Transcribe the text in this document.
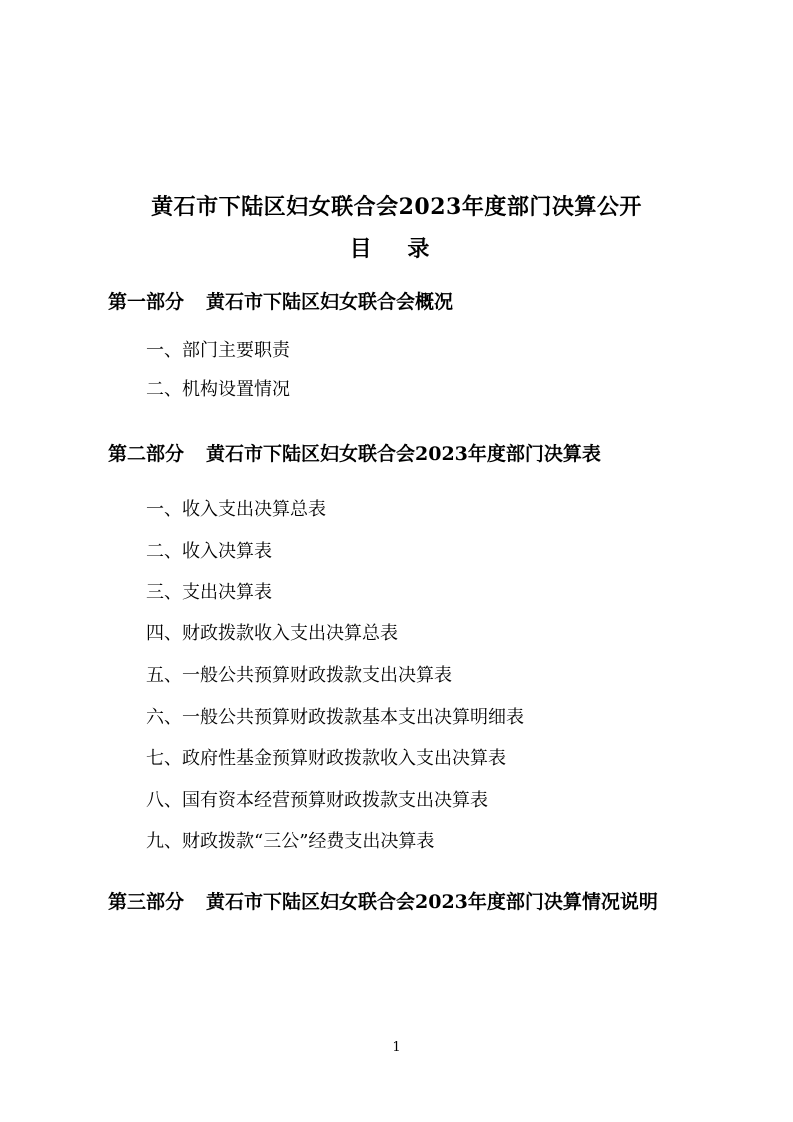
黄石市下陆区妇女联合会2023年度部门决算公开
目 录
第一部分 黄石市下陆区妇女联合会概况
一、部门主要职责
二、机构设置情况
第二部分 黄石市下陆区妇女联合会2023年度部门决算表
一、收入支出决算总表
二、收入决算表
三、支出决算表
四、财政拨款收入支出决算总表
五、一般公共预算财政拨款支出决算表
六、一般公共预算财政拨款基本支出决算明细表
七、政府性基金预算财政拨款收入支出决算表
八、国有资本经营预算财政拨款支出决算表
九、财政拨款“三公”经费支出决算表
第三部分 黄石市下陆区妇女联合会2023年度部门决算情况说明
1
